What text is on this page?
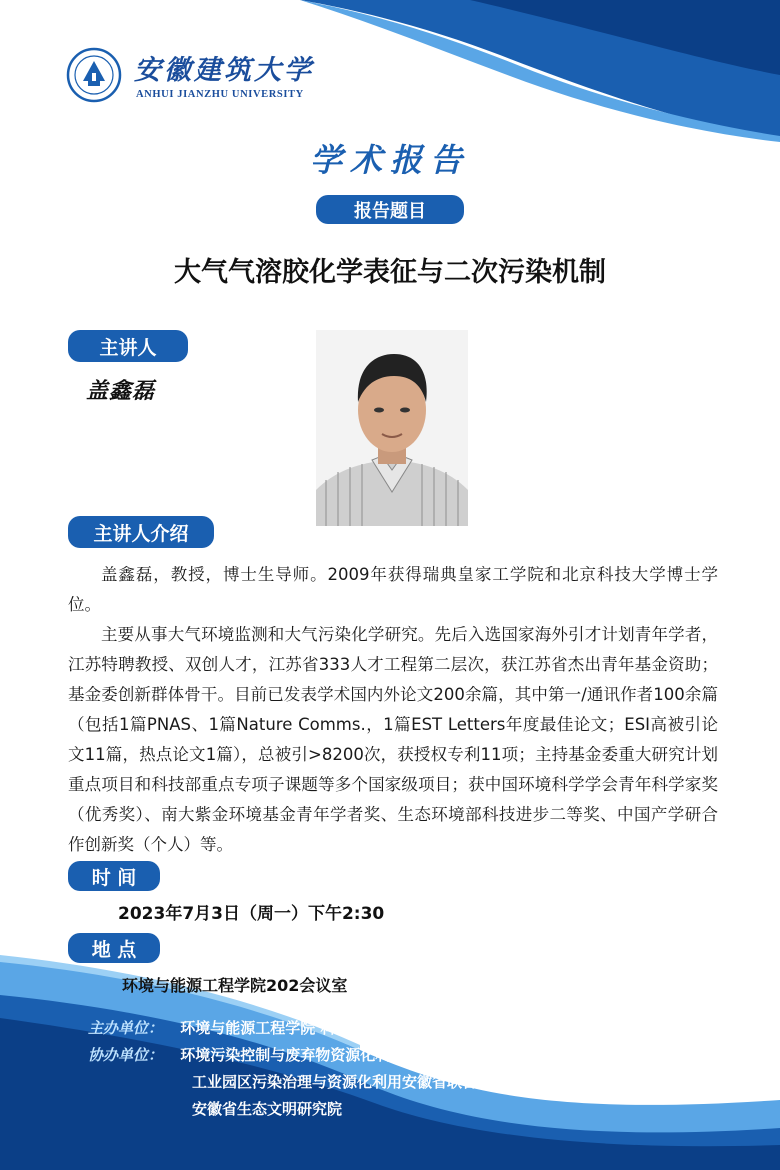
安徽建筑大学
ANHUI JIANZHU UNIVERSITY
学术报告
报告题目
大气气溶胶化学表征与二次污染机制
主讲人
盖鑫磊
主讲人介绍

盖鑫磊，教授，博士生导师。2009年获得瑞典皇家工学院和北京科技大学博士学位。

主要从事大气环境监测和大气污染化学研究。先后入选国家海外引才计划青年学者，江苏特聘教授、双创人才，江苏省333人才工程第二层次，获江苏省杰出青年基金资助；基金委创新群体骨干。目前已发表学术国内外论文200余篇，其中第一/通讯作者100余篇（包括1篇PNAS、1篇Nature Comms.，1篇EST Letters年度最佳论文；ESI高被引论文11篇，热点论文1篇），总被引>8200次，获授权专利11项；主持基金委重大研究计划重点项目和科技部重点专项子课题等多个国家级项目；获中国环境科学学会青年科学家奖（优秀奖）、南大紫金环境基金青年学者奖、生态环境部科技进步二等奖、中国产学研合作创新奖（个人）等。

时 间
2023年7月3日（周一）下午2:30
地 点
环境与能源工程学院202会议室
主办单位： 环境与能源工程学院 科学技术处
协办单位： 环境污染控制与废弃物资源化利用安徽省重点实验室
工业园区污染治理与资源化利用安徽省联合共建学科重点实验室
安徽省生态文明研究院
